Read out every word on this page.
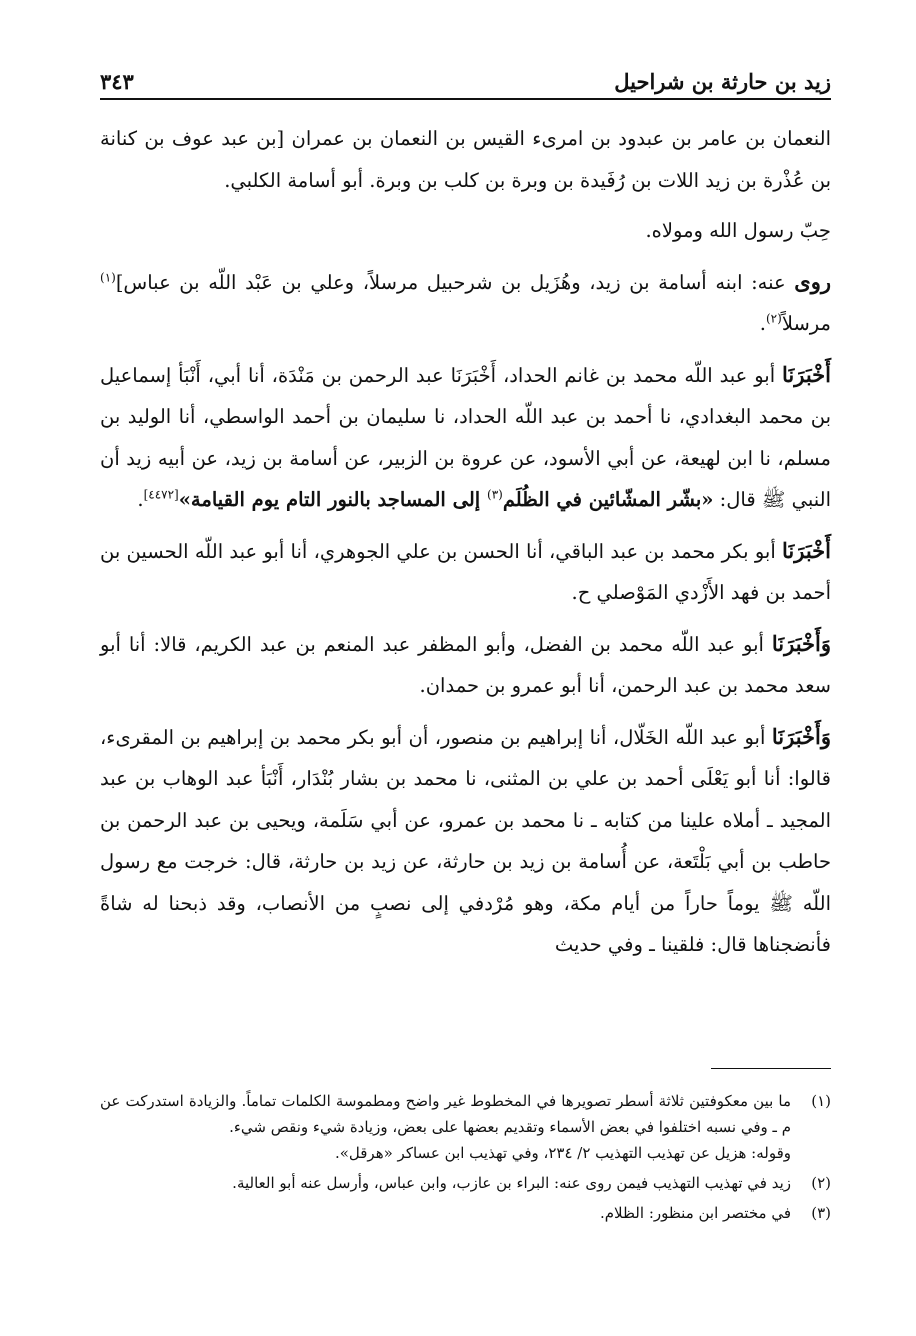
زيد بن حارثة بن شراحيل
٣٤٣

النعمان بن عامر بن عبدود بن امرىء القيس بن النعمان بن عمران [بن عبد عوف بن كنانة بن عُذْرة بن زيد اللات بن رُفَيدة بن وبرة بن كلب بن وبرة. أبو أسامة الكلبي.

حِبّ رسول الله ومولاه.

روى عنه: ابنه أسامة بن زيد، وهُزَيل بن شرحبيل مرسلاً، وعلي بن عَبْد اللّه بن عباس]$^{(١)}$ مرسلاً$^{(٢)}$.

أَخْبَرَنَا أبو عبد اللّه محمد بن غانم الحداد، أَخْبَرَنَا عبد الرحمن بن مَنْدَة، أنا أبي، أَنْبَأ إسماعيل بن محمد البغدادي، نا أحمد بن عبد اللّه الحداد، نا سليمان بن أحمد الواسطي، أنا الوليد بن مسلم، نا ابن لهيعة، عن أبي الأسود، عن عروة بن الزبير، عن أسامة بن زيد، عن أبيه زيد أن النبي ﷺ قال: «بشّر المشّائين في الظُلَم$^{(٣)}$ إلى المساجد بالنور التام يوم القيامة»[٤٤٧٢].

أَخْبَرَنَا أبو بكر محمد بن عبد الباقي، أنا الحسن بن علي الجوهري، أنا أبو عبد اللّه الحسين بن أحمد بن فهد الأَزْدي المَوْصلي ح.

وَأَخْبَرَنَا أبو عبد اللّه محمد بن الفضل، وأبو المظفر عبد المنعم بن عبد الكريم، قالا: أنا أبو سعد محمد بن عبد الرحمن، أنا أبو عمرو بن حمدان.

وَأَخْبَرَنَا أبو عبد اللّه الخَلّال، أنا إبراهيم بن منصور، أن أبو بكر محمد بن إبراهيم بن المقرىء، قالوا: أنا أبو يَعْلَى أحمد بن علي بن المثنى، نا محمد بن بشار بُنْدَار، أَنْبَأ عبد الوهاب بن عبد المجيد ـ أملاه علينا من كتابه ـ نا محمد بن عمرو، عن أبي سَلَمة، ويحيى بن عبد الرحمن بن حاطب بن أبي بَلْتَعة، عن أُسامة بن زيد بن حارثة، عن زيد بن حارثة، قال: خرجت مع رسول اللّه ﷺ يوماً حاراً من أيام مكة، وهو مُرْدفي إلى نصبٍ من الأنصاب، وقد ذبحنا له شاةً فأنضجناها قال: فلقينا ـ وفي حديث

(١)
ما بين معكوفتين ثلاثة أسطر تصويرها في المخطوط غير واضح ومطموسة الكلمات تماماً. والزيادة استدركت عن م ـ وفي نسبه اختلفوا في بعض الأسماء وتقديم بعضها على بعض، وزيادة شيء ونقص شيء.
وقوله: هزيل عن تهذيب التهذيب ٢/ ٢٣٤، وفي تهذيب ابن عساكر «هرقل».
(٢)
زيد في تهذيب التهذيب فيمن روى عنه: البراء بن عازب، وابن عباس، وأرسل عنه أبو العالية.
(٣)
في مختصر ابن منظور: الظلام.
